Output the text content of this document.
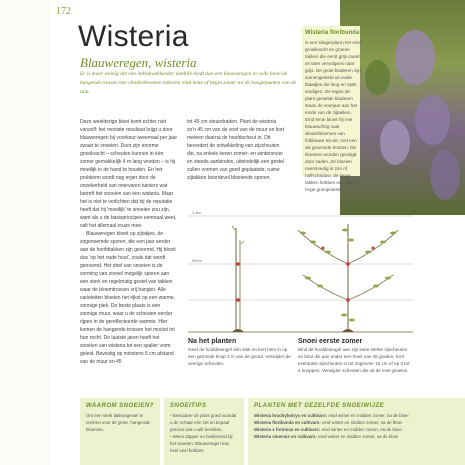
172
Wisteria
Blauweregen, wisteria

Er is maar weinig dat een indrukwekkender aanblik biedt dan een blauweregen in volle bloei de hangende trossen met vlinderbloemen behoren eind lente of begin zomer tot de hoogtepunten van de tuin.

Wisteria floribunda
is een slingerplant met veel groeikracht en groene takken die eerst grijs-zwart en later vervolgens naar grijs. De grote bladeren zijn samengesteld uit ovale blaadjes die lang en spits eindigen. De tegen de plant gestelde bladeren staan de voorjaar aan het einde van de zijtakken. Eind lente bloeit hij met blauwachtig naar vlinderbloemen van felblauwe tot wit, met een wit geurende trossen. De bloemen worden gevolgd door zaden. Ze bloeien overvloedig in zon of halfschaduw; de lange takken hebben een zeer hoge groeipotentie.

Deze weelderige bloei komt echter niet vanzelf: het mooiste resultaat krijgt u door blauweregen bij voorkeur tweemaal per jaar zwaar te snoeien. Door zijn enorme groeikracht – scheuten kunnen in één zomer gemakkelijk 4 m lang worden – is hij moeilijk in de hand te houden. En het probleem wordt nog erger door de onzekerheid van onervaren tuiniers wat betreft het snoeien van een wisteria. Maar het is niet te verlichten dat hij de reputatie heeft dat hij 'moeilijk' te snoeien zou zijn, want als u de basisprincipes eenmaal weet, valt het allemaal reuze mee.

Blauweregen bloeit op zijtakjes, de zogenoemde sporen, die een jaar eerder aan de hoofdtakken zijn gevormd. Hij bloeit dus 'op het oude hout', zoals dat wordt genoemd. Het doel van snoeien is de vorming van zoveel mogelijk sporen aan een sterk en regelmatig gestel van takken waar de bloemtrossen vrij hangen. Alle varieteiten bloeien het rijkst op een warme, zonnige plek. De beste plaats is een zonnige muur, waar u de scheuten eerder rijpen in de gereflecteerde warmte. Hier komen de hangende trossen het mooist tot hun recht. De laatste jaren heeft het snoeien van wisteria tot een spalier vorm geleid. Bevestig op minstens 5 cm afstand van de muur en 45

tot 45 cm steundraden. Plant de wisteria zo'n 45 cm van de voet van de muur en kort meteen daarna de hoofdscheut in. Dit bevordert de ontwikkeling van zijscheuten die, na enkele keren zomer- en wintersnoei en steeds aanbinden, uiteindelijk een gestel zullen vormen van goed geplaatste, ruime zijtakken boordevol bloeiende sporen.

1,8m
90cm
Na het planten
Geef de hoofdstengel één stok en kort hem in op een gezonde knop 1 m van de grond. Verwijder de overige scheuten.
Snoei eerste zomer
Bind de hoofdstengel aan zijn twee sterke zijscheuten en bind die aan onder een hoek van 45 graden. Kort eventuele zijscheuten in tot ongeveer 15 cm of op 3 tot 4 knoppen. Verwijder scheuten die uit de voet groeien.
WAAROM SNOEIEN?
Om een sterk takkengestel te creëren voor de grote, hangende bloemen.
SNOEITIPS
• Bestudeer de plant goed voordat u de schaar erin zet en bepaal precies wat u wilt bereiken.
• Wees dapper en beslissend bij het snoeien: Blauweregen kan heel veel hebben.
PLANTEN MET DEZELFDE SNOEIWIJZE
Wisteria brachybotrys en cultivars: eind winter en midden zomer, na de bloei
Wisteria floribunda en cultivars: eind winter en midden zomer, na de bloei
Wisteria x formosa en cultivars: eind winter en midden zomer, na de bloei
Wisteria sinensis en cultivars: eind winter en midden zomer, na de bloei
